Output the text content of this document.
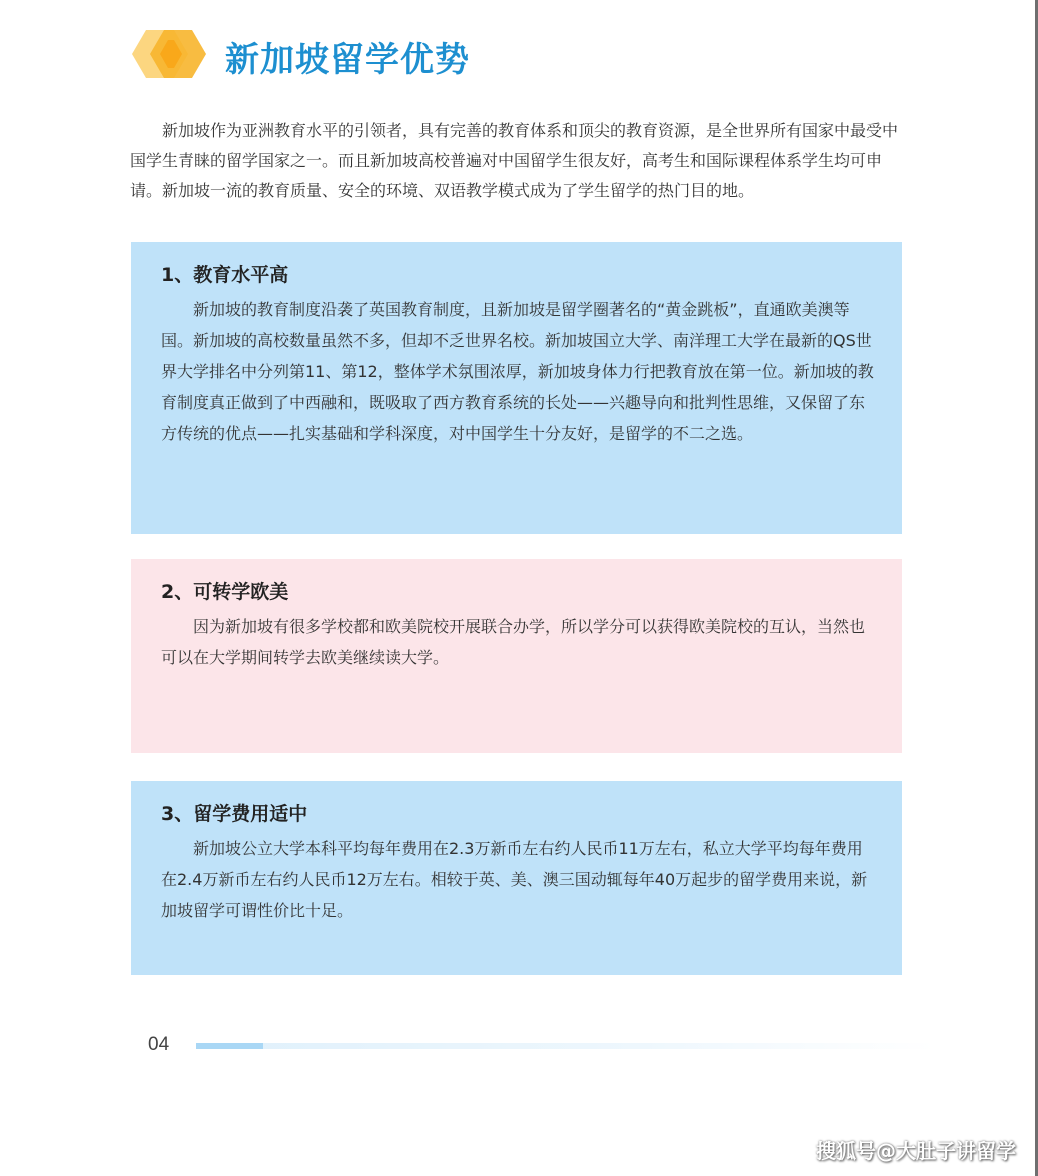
新加坡留学优势

新加坡作为亚洲教育水平的引领者，具有完善的教育体系和顶尖的教育资源，是全世界所有国家中最受中国学生青睐的留学国家之一。而且新加坡高校普遍对中国留学生很友好，高考生和国际课程体系学生均可申请。新加坡一流的教育质量、安全的环境、双语教学模式成为了学生留学的热门目的地。

1、教育水平高

新加坡的教育制度沿袭了英国教育制度，且新加坡是留学圈著名的“黄金跳板”，直通欧美澳等国。新加坡的高校数量虽然不多，但却不乏世界名校。新加坡国立大学、南洋理工大学在最新的QS世界大学排名中分列第11、第12，整体学术氛围浓厚，新加坡身体力行把教育放在第一位。新加坡的教育制度真正做到了中西融和，既吸取了西方教育系统的长处——兴趣导向和批判性思维，又保留了东方传统的优点——扎实基础和学科深度，对中国学生十分友好，是留学的不二之选。

2、可转学欧美

因为新加坡有很多学校都和欧美院校开展联合办学，所以学分可以获得欧美院校的互认，当然也可以在大学期间转学去欧美继续读大学。

3、留学费用适中

新加坡公立大学本科平均每年费用在2.3万新币左右约人民币11万左右，私立大学平均每年费用在2.4万新币左右约人民币12万左右。相较于英、美、澳三国动辄每年40万起步的留学费用来说，新加坡留学可谓性价比十足。

04
搜狐号@大肚子讲留学
